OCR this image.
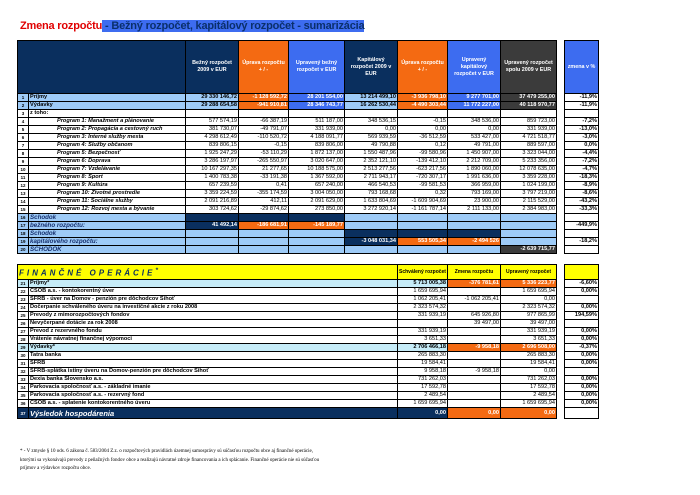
Zmena rozpočtu - Bežný rozpočet, kapitálový rozpočet - sumarizácia
		Bežný rozpočet 2009 v EUR	Úprava rozpočtu + / -	Upravený bežný rozpočet v EUR	Kapitálový rozpočet 2009 v EUR	Úprava rozpočtu + / -	Upravený kapitálový rozpočet v EUR	Upravený rozpočet spolu 2009 v EUR		zmena v %
1	Príjmy	29 330 146,72	-1 128 592,72	28 201 554,00	13 214 499,10	-3 936 798,10	9 277 701,00	37 479 255,00		-11,9%
2	Výdavky	29 288 654,58	-941 910,81	28 346 743,77	16 262 530,44	-4 490 303,44	11 772 227,00	40 118 970,77		-11,9%
3	z toho:									
4	Program 1: Manažment a plánovanie	577 574,19	-66 387,19	511 187,00	348 536,15	-0,15	348 536,00	859 723,00		-7,2%
5	Program 2: Propagácia a cestovný ruch	381 730,07	-49 791,07	331 939,00	0,00	0,00	0,00	331 939,00		-13,0%
6	Program 3: Interné služby mesta	4 298 612,49	-110 520,72	4 188 091,77	569 939,59	-36 512,59	533 427,00	4 721 518,77		-3,0%
7	Program 4: Služby občanom	839 806,15	-0,15	839 806,00	49 790,88	0,12	49 791,00	889 597,00		0,0%
8	Program 5: Bezpečnosť	1 925 247,29	-53 110,29	1 872 137,00	1 550 487,96	-99 580,96	1 450 907,00	3 323 044,00		-4,4%
9	Program 6: Doprava	3 286 197,97	-265 550,97	3 020 647,00	2 352 121,10	-139 412,10	2 212 709,00	5 233 356,00		-7,2%
10	Program 7: Vzdelávanie	10 167 297,35	21 277,65	10 188 575,00	2 513 277,56	-623 217,56	1 890 060,00	12 078 635,00		-4,7%
11	Program 8: Šport	1 400 783,38	-33 191,38	1 367 592,00	2 711 943,17	-720 307,17	1 991 636,00	3 359 228,00		-18,3%
12	Program 9: Kultúra	657 239,59	0,41	657 240,00	466 540,53	-99 581,53	366 959,00	1 024 199,00		-8,9%
13	Program 10: Životné prostredie	3 359 224,59	-355 174,59	3 004 050,00	793 168,68	0,32	793 169,00	3 797 219,00		-8,6%
14	Program 11: Sociálne služby	2 091 216,89	412,11	2 091 629,00	1 633 804,69	-1 609 904,69	23 900,00	2 115 529,00		-43,2%
15	Program 12: Rozvoj mesta a bývanie	303 724,62	-29 874,62	273 850,00	3 272 920,14	-1 161 787,14	2 111 133,00	2 384 983,00		-33,3%
16	Schodok									
17	bežného rozpočtu:	41 492,14	-186 681,91	-145 189,77						-449,9%
18	Schodok									
19	kapitálového rozpočtu:				-3 048 031,34	553 505,34	-2 494 526			-18,2%
20	SCHODOK							-2 639 715,77		

FINANČNÉ OPERÁCIE*						Schválený rozpočet	Zmena rozpočtu	Upravený rozpočet		
21	Príjmy*					5 713 005,38	-376 781,61	5 336 223,77		-6,60%
22	ČSOB a.s. - kontokorentný úver					1 659 695,94		1 659 695,94		0,00%
23	ŠFRB - úver na Domov - penzión pre dôchodcov Sihoť					1 062 205,41	-1 062 205,41	0,00		
24	Dočerpanie schváleného úveru na investičné akcie z roku 2008					2 323 574,32		2 323 574,32		0,00%
25	Prevody z mimorozpočtových fondov					331 939,19	645 926,80	977 865,99		194,59%
26	Nevyčerpané dotácie za rok 2008						39 497,00	39 497,00		
27	Prevod z rezervného fondu					331 939,19		331 939,19		0,00%
28	Vrátenie návratnej finančnej výpomoci					3 651,33		3 651,33		0,00%
29	Výdavky*					2 706 466,18	-9 958,18	2 696 508,00		-0,37%
30	Tatra banka					265 883,30		265 883,30		0,00%
31	ŠFRB					19 584,41		19 584,41		0,00%
32	ŠFRB-splátka istiny úveru na Domov-penzión pre dôchodcov Sihoť					9 958,18	-9 958,18	0,00		
33	Dexia banka Slovensko a.s.					731 262,03		731 262,03		0,00%
34	Parkovacia spoločnosť a.s. - základné imanie					17 592,78		17 592,78		0,00%
35	Parkovacia spoločnosť a.s. - rezervný fond					2 489,54		2 489,54		0,00%
36	CSOB a.s. - splatenie kontokorentného úveru					1 659 695,94		1 659 695,94		0,00%
37	Výsledok hospodárenia					0,00	0,00	0,00		
* - V zmysle § 10 ods. 6 zákona č. 583/2004 Z.z. o rozpočtových pravidlách územnej samosprávy sú súčasťou rozpočtu obce aj finančné operácie, ktorými sa vykonávajú prevody z peňažných fondov obce a realizujú návratné zdroje financovania a ich splácanie. Finančné operácie nie sú súčasťou príjmov a výdavkov rozpočtu obce.
